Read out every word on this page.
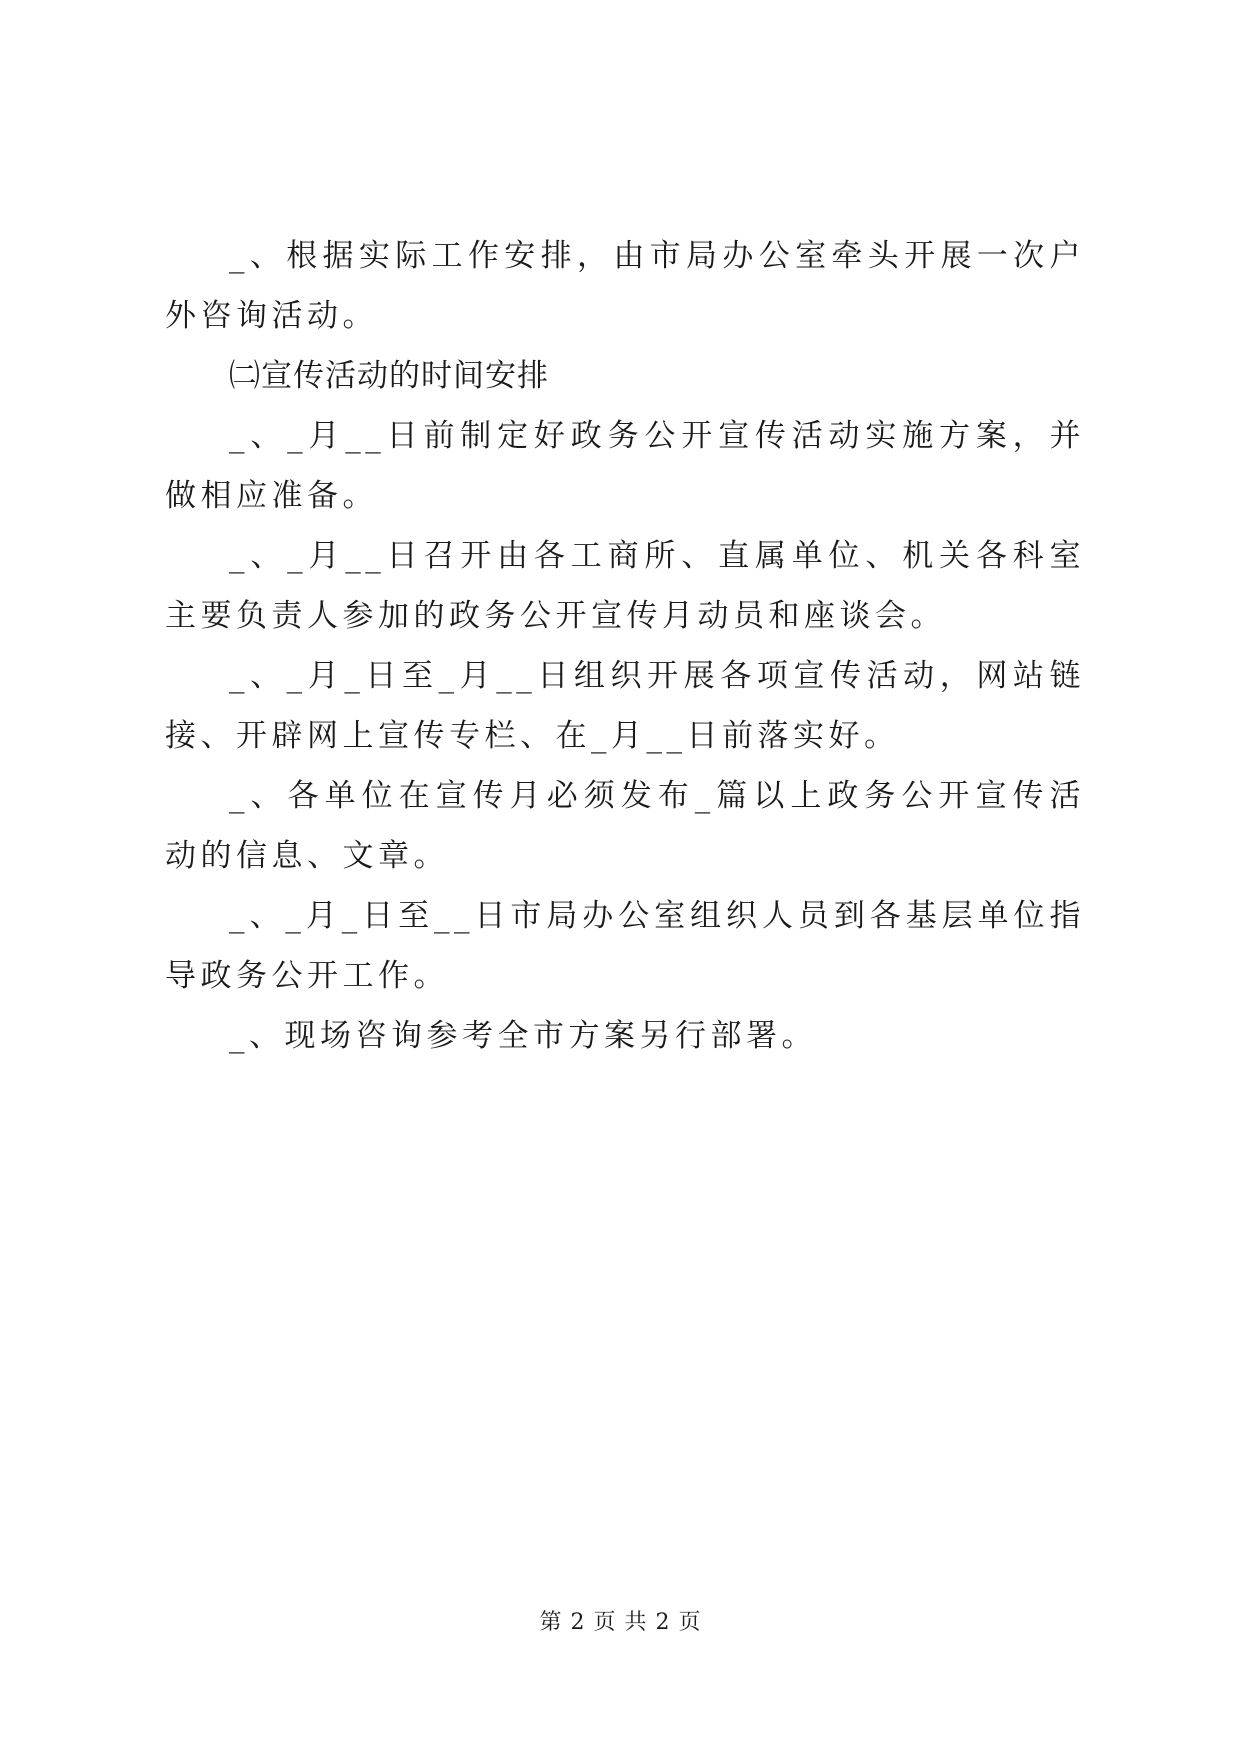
_、根据实际工作安排，由市局办公室牵头开展一次户外咨询活动。

㈡宣传活动的时间安排

_、_月__日前制定好政务公开宣传活动实施方案，并做相应准备。

_、_月__日召开由各工商所、直属单位、机关各科室主要负责人参加的政务公开宣传月动员和座谈会。

_、_月_日至_月__日组织开展各项宣传活动，网站链接、开辟网上宣传专栏、在_月__日前落实好。

_、各单位在宣传月必须发布_篇以上政务公开宣传活动的信息、文章。

_、_月_日至__日市局办公室组织人员到各基层单位指导政务公开工作。

_、现场咨询参考全市方案另行部署。

第 2 页 共 2 页
